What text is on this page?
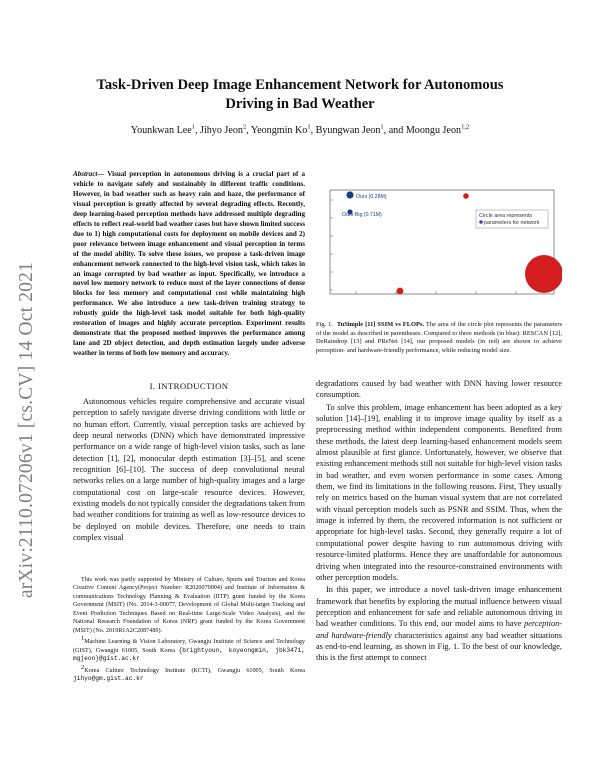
Task-Driven Deep Image Enhancement Network for Autonomous
Driving in Bad Weather
Younkwan Lee$^1$, Jihyo Jeon$^2$, Yeongmin Ko$^1$, Byungwan Jeon$^1$, and Moongu Jeon$^{1,2}$
arXiv:2110.07206v1 [cs.CV] 14 Oct 2021
Abstract— Visual perception in autonomous driving is a crucial part of a vehicle to navigate safely and sustainably in different traffic conditions. However, in bad weather such as heavy rain and haze, the performance of visual perception is greatly affected by several degrading effects. Recently, deep learning-based perception methods have addressed multiple degrading effects to reflect real-world bad weather cases but have shown limited success due to 1) high computational costs for deployment on mobile devices and 2) poor relevance between image enhancement and visual perception in terms of the model ability. To solve these issues, we propose a task-driven image enhancement network connected to the high-level vision task, which takes in an image corrupted by bad weather as input. Specifically, we introduce a novel low memory network to reduce most of the layer connections of dense blocks for less memory and computational cost while maintaining high performance. We also introduce a new task-driven training strategy to robustly guide the high-level task model suitable for both high-quality restoration of images and highly accurate perception. Experiment results demonstrate that the proposed method improves the performance among lane and 2D object detection, and depth estimation largely under adverse weather in terms of both low memory and accuracy.
I. INTRODUCTION

Autonomous vehicles require comprehensive and accurate visual perception to safely navigate diverse driving conditions with little or no human effort. Currently, visual perception tasks are achieved by deep neural networks (DNN) which have demonstrated impressive performance on a wide range of high-level vision tasks, such as lane detection [1], [2], monocular depth estimation [3]–[5], and scene recognition [6]–[10]. The success of deep convolutional neural networks relies on a large number of high-quality images and a large computational cost on large-scale resource devices. However, existing models do not typically consider the degradations taken from bad weather conditions for training as well as low-resource devices to be deployed on mobile devices. Therefore, one needs to train complex visual

This work was partly supported by Ministry of Culture, Sports and Tourism and Korea Creative Content Agency(Project Number: R2020070004) and Institute of Information & communications Technology Planning & Evaluation (IITP) grant funded by the Korea Government (MSIT) (No. 2014-3-00077, Development of Global Multi-target Tracking and Event Prediction Techniques Based on Real-time Large-Scale Video Analysis), and the National Research Foundation of Korea (NRF) grant funded by the Korea Government (MSIT) (No. 2019R1A2C2087489).

$^1$Machine Learning & Vision Laboratory, Gwangju Institute of Science and Technology (GIST), Gwangju 61005, South Korea {brightyoun, koyeongmin, jbk3471, mgjeon}@gist.ac.kr

$^2$Korea Culture Technology Institute (KCTI), Gwangju 61005, South Korea jihyo@gm.gist.ac.kr

Ours (0.28M)
Ours-Big (0.71M)	Circle area represents
parameters for network
Fig. 1. TuSimple [11] SSIM vs FLOPs. The area of the circle plot represents the parameters of the model as described in parentheses. Compared to three methods (in blue): RESCAN [12], DeRaindrop [13] and PReNet [14], our proposed models (in red) are shown to achieve perception- and hardware-friendly performance, while reducing model size.

degradations caused by bad weather with DNN having lower resource consumption.

To solve this problem, image enhancement has been adopted as a key solution [14]–[19], enabling it to improve image quality by itself as a preprocessing method within independent components. Benefited from these methods, the latest deep learning-based enhancement models seem almost plausible at first glance. Unfortunately, however, we observe that existing enhancement methods still not suitable for high-level vision tasks in bad weather, and even worsen performance in some cases. Among them, we find its limitations in the following reasons. First, They usually rely on metrics based on the human visual system that are not correlated with visual perception models such as PSNR and SSIM. Thus, when the image is inferred by them, the recovered information is not sufficient or appropriate for high-level tasks. Second, they generally require a lot of computational power despite having to run autonomous driving with resource-limited platforms. Hence they are unaffordable for autonomous driving when integrated into the resource-constrained environments with other perception models.

In this paper, we introduce a novel task-driven image enhancement framework that benefits by exploring the mutual influence between visual perception and enhancement for safe and reliable autonomous driving in bad weather conditions. To this end, our model aims to have perception- and hardware-friendly characteristics against any bad weather situations as end-to-end learning, as shown in Fig. 1. To the best of our knowledge, this is the first attempt to connect
